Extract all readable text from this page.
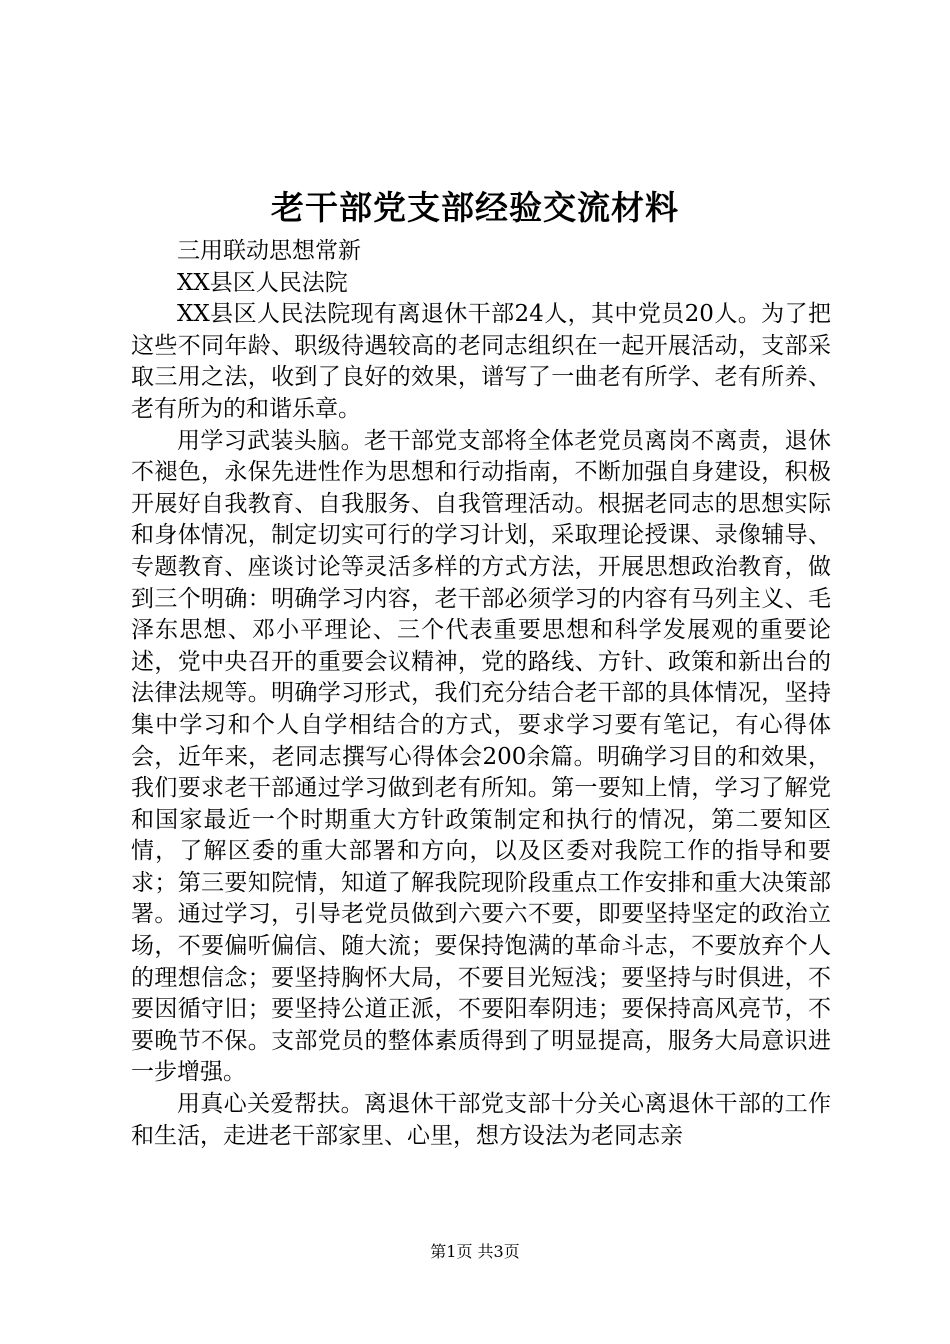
老干部党支部经验交流材料

三用联动思想常新

XX县区人民法院

XX县区人民法院现有离退休干部24人，其中党员20人。为了把这些不同年龄、职级待遇较高的老同志组织在一起开展活动，支部采取三用之法，收到了良好的效果，谱写了一曲老有所学、老有所养、老有所为的和谐乐章。

用学习武装头脑。老干部党支部将全体老党员离岗不离责，退休不褪色，永保先进性作为思想和行动指南，不断加强自身建设，积极开展好自我教育、自我服务、自我管理活动。根据老同志的思想实际和身体情况，制定切实可行的学习计划，采取理论授课、录像辅导、专题教育、座谈讨论等灵活多样的方式方法，开展思想政治教育，做到三个明确：明确学习内容，老干部必须学习的内容有马列主义、毛泽东思想、邓小平理论、三个代表重要思想和科学发展观的重要论述，党中央召开的重要会议精神，党的路线、方针、政策和新出台的法律法规等。明确学习形式，我们充分结合老干部的具体情况，坚持集中学习和个人自学相结合的方式，要求学习要有笔记，有心得体会，近年来，老同志撰写心得体会200余篇。明确学习目的和效果，我们要求老干部通过学习做到老有所知。第一要知上情，学习了解党和国家最近一个时期重大方针政策制定和执行的情况，第二要知区情，了解区委的重大部署和方向，以及区委对我院工作的指导和要求；第三要知院情，知道了解我院现阶段重点工作安排和重大决策部署。通过学习，引导老党员做到六要六不要，即要坚持坚定的政治立场，不要偏听偏信、随大流；要保持饱满的革命斗志，不要放弃个人的理想信念；要坚持胸怀大局，不要目光短浅；要坚持与时俱进，不要因循守旧；要坚持公道正派，不要阳奉阴违；要保持高风亮节，不要晚节不保。支部党员的整体素质得到了明显提高，服务大局意识进一步增强。

用真心关爱帮扶。离退休干部党支部十分关心离退休干部的工作和生活，走进老干部家里、心里，想方设法为老同志亲

第1页 共3页
